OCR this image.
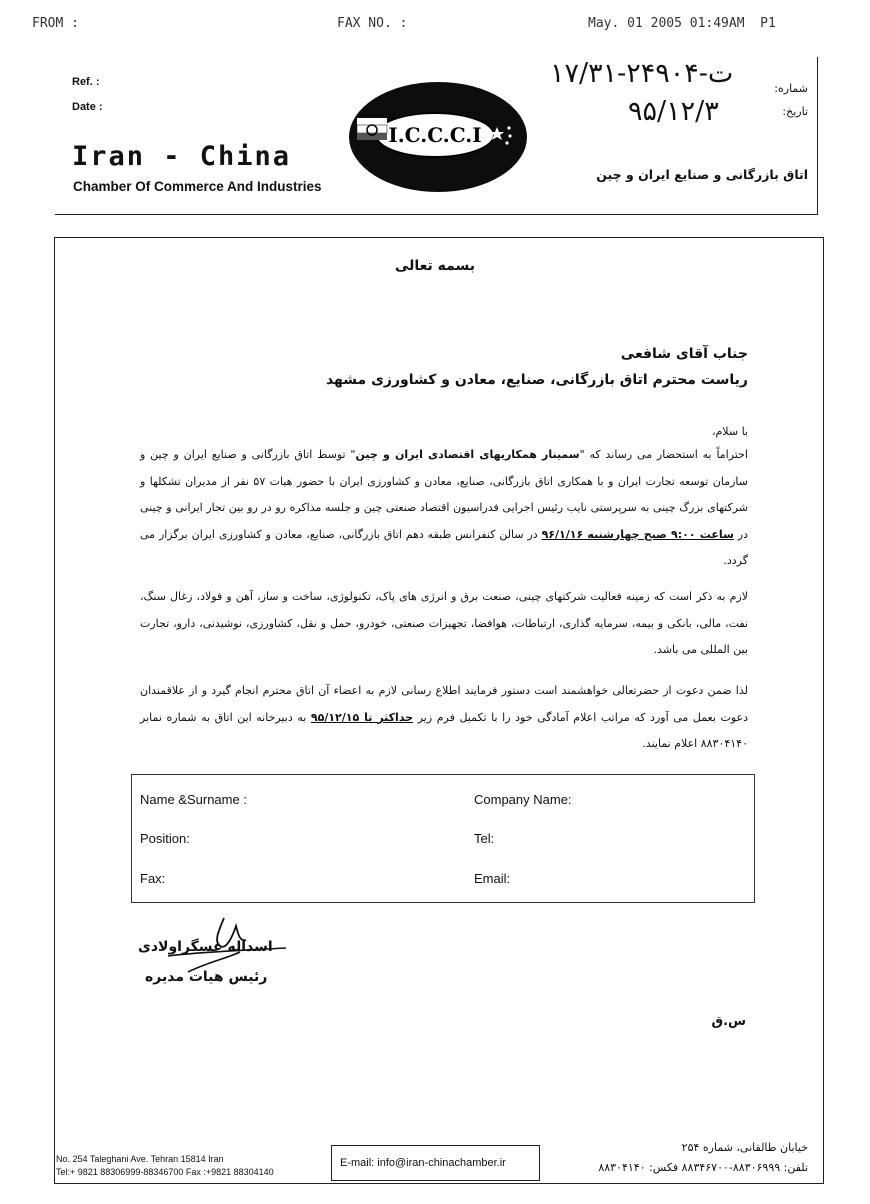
FROM :	FAX NO. :	May. 01 2005 01:49AM  P1
Ref. :
Date :
Iran - China
Chamber Of Commerce And Industries
I.C.C.C.I
شماره:
تاریخ:
۱۷/ت-۲۴۹۰۴-۳۱
۹۵/۱۲/۳
اتاق بازرگانی و صنایع ایران و چین
بسمه تعالی
جناب آقای شافعی
ریاست محترم اتاق بازرگانی، صنایع، معادن و کشاورزی مشهد
با سلام،
احتراماً به استحضار می رساند که "سمینار همکاریهای اقتصادی ایران و چین" توسط اتاق بازرگانی و صنایع ایران و چین و سازمان توسعه تجارت ایران و با همکاری اتاق بازرگانی، صنایع، معادن و کشاورزی ایران با حضور هیات ۵۷ نفر از مدیران تشکلها و شرکتهای بزرگ چینی به سرپرستی نایب رئیس اجرایی فدراسیون اقتصاد صنعتی چین و جلسه مذاکره رو در رو بین تجار ایرانی و چینی در ساعت ۹:۰۰ صبح چهارشنبه ۹۶/۱/۱۶ در سالن کنفرانس طبقه دهم اتاق بازرگانی، صنایع، معادن و کشاورزی ایران برگزار می گردد.
لازم به ذکر است که زمینه فعالیت شرکتهای چینی، صنعت برق و انرژی های پاک، تکنولوژی، ساخت و ساز، آهن و فولاد، زغال سنگ، نفت، مالی، بانکی و بیمه، سرمایه گذاری، ارتباطات، هوافضا، تجهیزات صنعتی، خودرو، حمل و نقل، کشاورزی، نوشیدنی، دارو، تجارت بین المللی می باشد.
لذا ضمن دعوت از حضرتعالی خواهشمند است دستور فرمایند اطلاع رسانی لازم به اعضاء آن اتاق محترم انجام گیرد و از علاقمندان دعوت بعمل می آورد که مراتب اعلام آمادگی خود را با تکمیل فرم زیر حداکثر تا ۹۵/۱۲/۱۵ به دبیرخانه این اتاق به شماره نمابر ۸۸۳۰۴۱۴۰ اعلام نمایند.
Name &Surname :	Company Name:
Position:	Tel:
Fax:	Email:
اسداله عسگراولادی
رئیس هیات مدیره
س.ق
No. 254 Taleghani Ave. Tehran 15814 Iran
Tel:+ 9821 88306999-88346700 Fax :+9821 88304140
E-mail: info@iran-chinachamber.ir
خیابان طالقانی، شماره ۲۵۴
تلفن: ۸۸۳۰۶۹۹۹-۸۸۳۴۶۷۰۰ فکس: ۸۸۳۰۴۱۴۰
